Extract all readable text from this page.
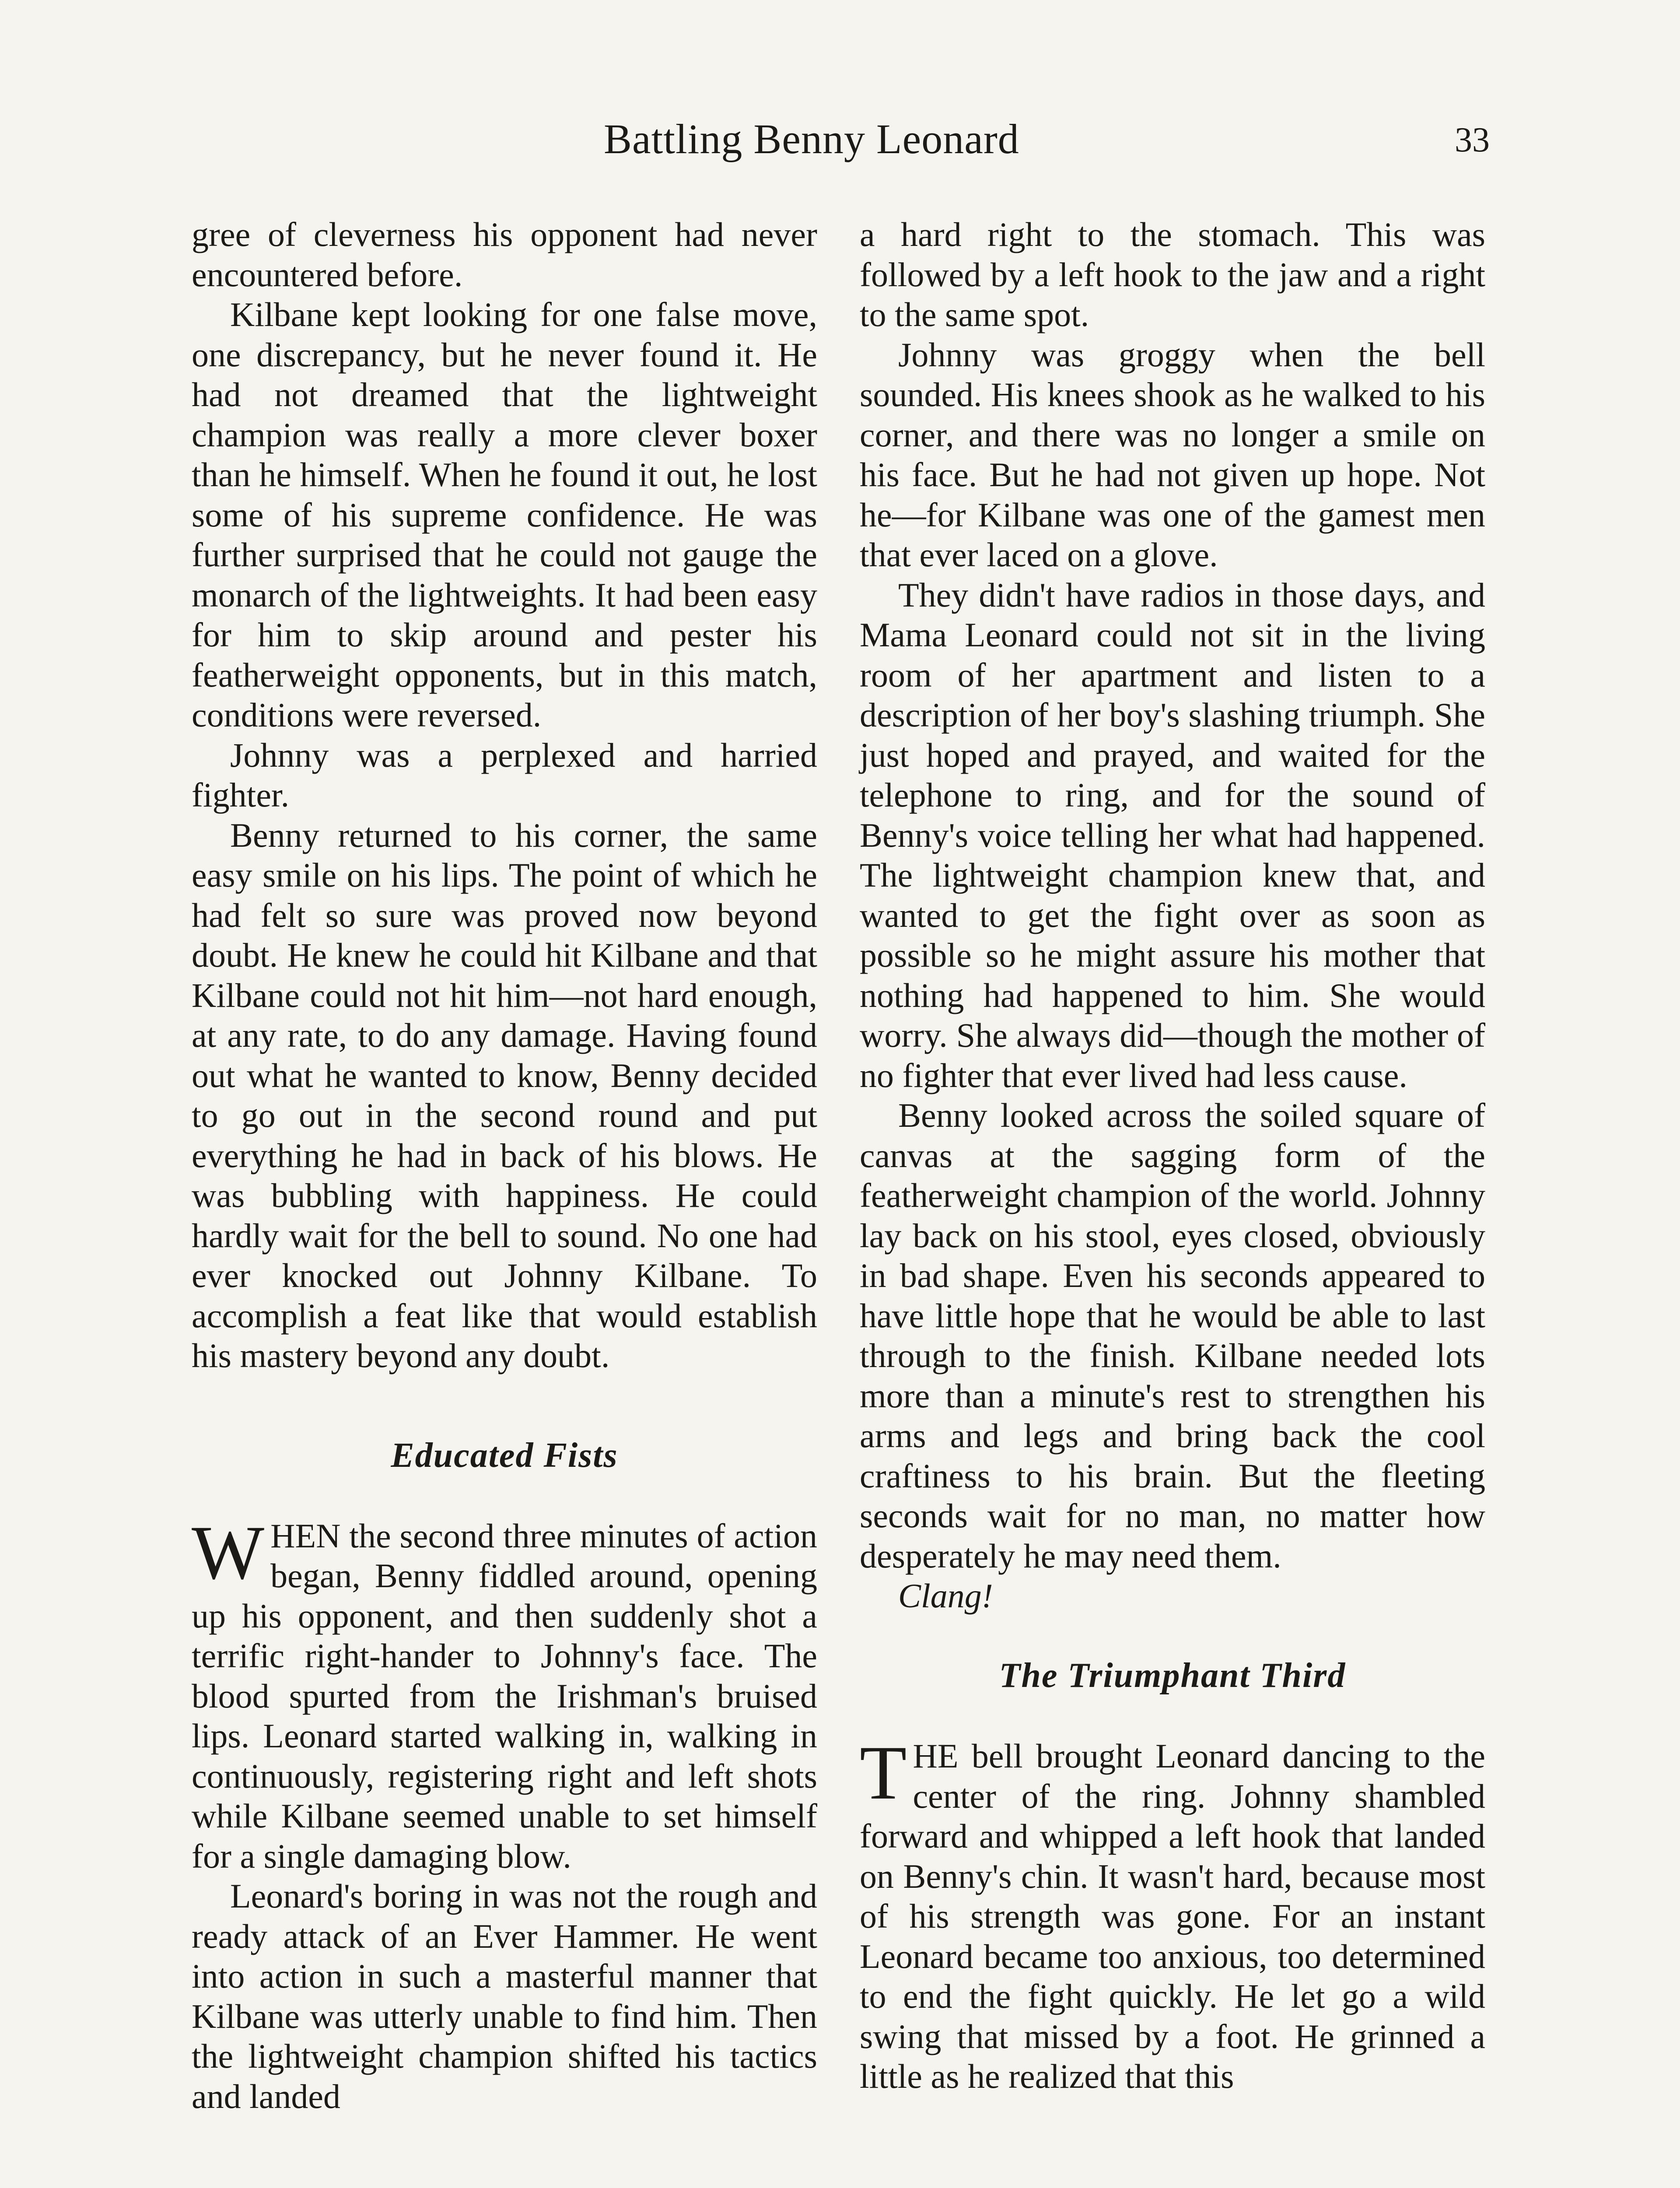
Battling Benny Leonard	33

gree of cleverness his opponent had never encountered before.

Kilbane kept looking for one false move, one discrepancy, but he never found it. He had not dreamed that the lightweight champion was really a more clever boxer than he himself. When he found it out, he lost some of his supreme confidence. He was further surprised that he could not gauge the monarch of the lightweights. It had been easy for him to skip around and pester his featherweight opponents, but in this match, conditions were reversed.

Johnny was a perplexed and harried fighter.

Benny returned to his corner, the same easy smile on his lips. The point of which he had felt so sure was proved now beyond doubt. He knew he could hit Kilbane and that Kilbane could not hit him—not hard enough, at any rate, to do any damage. Having found out what he wanted to know, Benny decided to go out in the second round and put everything he had in back of his blows. He was bubbling with happiness. He could hardly wait for the bell to sound. No one had ever knocked out Johnny Kilbane. To accomplish a feat like that would establish his mastery beyond any doubt.

Educated Fists

WHEN the second three minutes of action began, Benny fiddled around, opening up his opponent, and then suddenly shot a terrific right-hander to Johnny's face. The blood spurted from the Irishman's bruised lips. Leonard started walking in, walking in continuously, registering right and left shots while Kilbane seemed unable to set himself for a single damaging blow.

Leonard's boring in was not the rough and ready attack of an Ever Hammer. He went into action in such a masterful manner that Kilbane was utterly unable to find him. Then the lightweight champion shifted his tactics and landed

a hard right to the stomach. This was followed by a left hook to the jaw and a right to the same spot.

Johnny was groggy when the bell sounded. His knees shook as he walked to his corner, and there was no longer a smile on his face. But he had not given up hope. Not he—for Kilbane was one of the gamest men that ever laced on a glove.

They didn't have radios in those days, and Mama Leonard could not sit in the living room of her apartment and listen to a description of her boy's slashing triumph. She just hoped and prayed, and waited for the telephone to ring, and for the sound of Benny's voice telling her what had happened. The lightweight champion knew that, and wanted to get the fight over as soon as possible so he might assure his mother that nothing had happened to him. She would worry. She always did—though the mother of no fighter that ever lived had less cause.

Benny looked across the soiled square of canvas at the sagging form of the featherweight champion of the world. Johnny lay back on his stool, eyes closed, obviously in bad shape. Even his seconds appeared to have little hope that he would be able to last through to the finish. Kilbane needed lots more than a minute's rest to strengthen his arms and legs and bring back the cool craftiness to his brain. But the fleeting seconds wait for no man, no matter how desperately he may need them.

Clang!

The Triumphant Third

THE bell brought Leonard dancing to the center of the ring. Johnny shambled forward and whipped a left hook that landed on Benny's chin. It wasn't hard, because most of his strength was gone. For an instant Leonard became too anxious, too determined to end the fight quickly. He let go a wild swing that missed by a foot. He grinned a little as he realized that this
